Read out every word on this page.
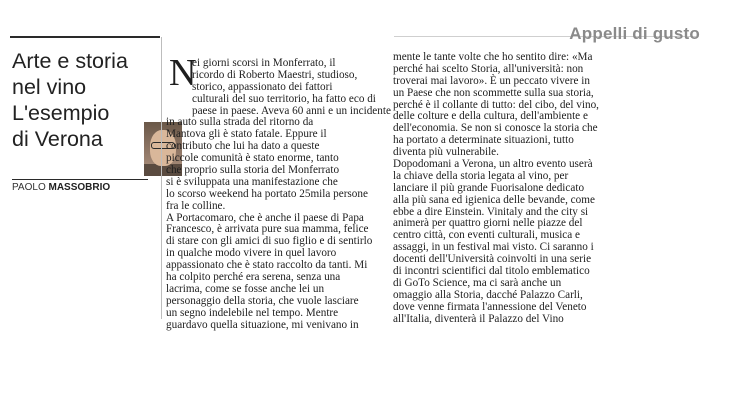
Appelli di gusto
Arte e storia
nel vino
L'esempio
di Verona
PAOLO MASSOBRIO
N
ei giorni scorsi in Monferrato, il
ricordo di Roberto Maestri, studioso,
storico, appassionato dei fattori
culturali del suo territorio, ha fatto eco di
paese in paese. Aveva 60 anni e un incidente
in auto sulla strada del ritorno da
Mantova gli è stato fatale. Eppure il
contributo che lui ha dato a queste
piccole comunità è stato enorme, tanto
che proprio sulla storia del Monferrato
si è sviluppata una manifestazione che
lo scorso weekend ha portato 25mila persone
fra le colline.
A Portacomaro, che è anche il paese di Papa
Francesco, è arrivata pure sua mamma, felice
di stare con gli amici di suo figlio e di sentirlo
in qualche modo vivere in quel lavoro
appassionato che è stato raccolto da tanti. Mi
ha colpito perché era serena, senza una
lacrima, come se fosse anche lei un
personaggio della storia, che vuole lasciare
un segno indelebile nel tempo. Mentre
guardavo quella situazione, mi venivano in
mente le tante volte che ho sentito dire: «Ma
perché hai scelto Storia, all'università: non
troverai mai lavoro». È un peccato vivere in
un Paese che non scommette sulla sua storia,
perché è il collante di tutto: del cibo, del vino,
delle colture e della cultura, dell'ambiente e
dell'economia. Se non si conosce la storia che
ha portato a determinate situazioni, tutto
diventa più vulnerabile.
Dopodomani a Verona, un altro evento userà
la chiave della storia legata al vino, per
lanciare il più grande Fuorisalone dedicato
alla più sana ed igienica delle bevande, come
ebbe a dire Einstein. Vinitaly and the city si
animerà per quattro giorni nelle piazze del
centro città, con eventi culturali, musica e
assaggi, in un festival mai visto. Ci saranno i
docenti dell'Università coinvolti in una serie
di incontri scientifici dal titolo emblematico
di GoTo Science, ma ci sarà anche un
omaggio alla Storia, dacché Palazzo Carli,
dove venne firmata l'annessione del Veneto
all'Italia, diventerà il Palazzo del Vino
